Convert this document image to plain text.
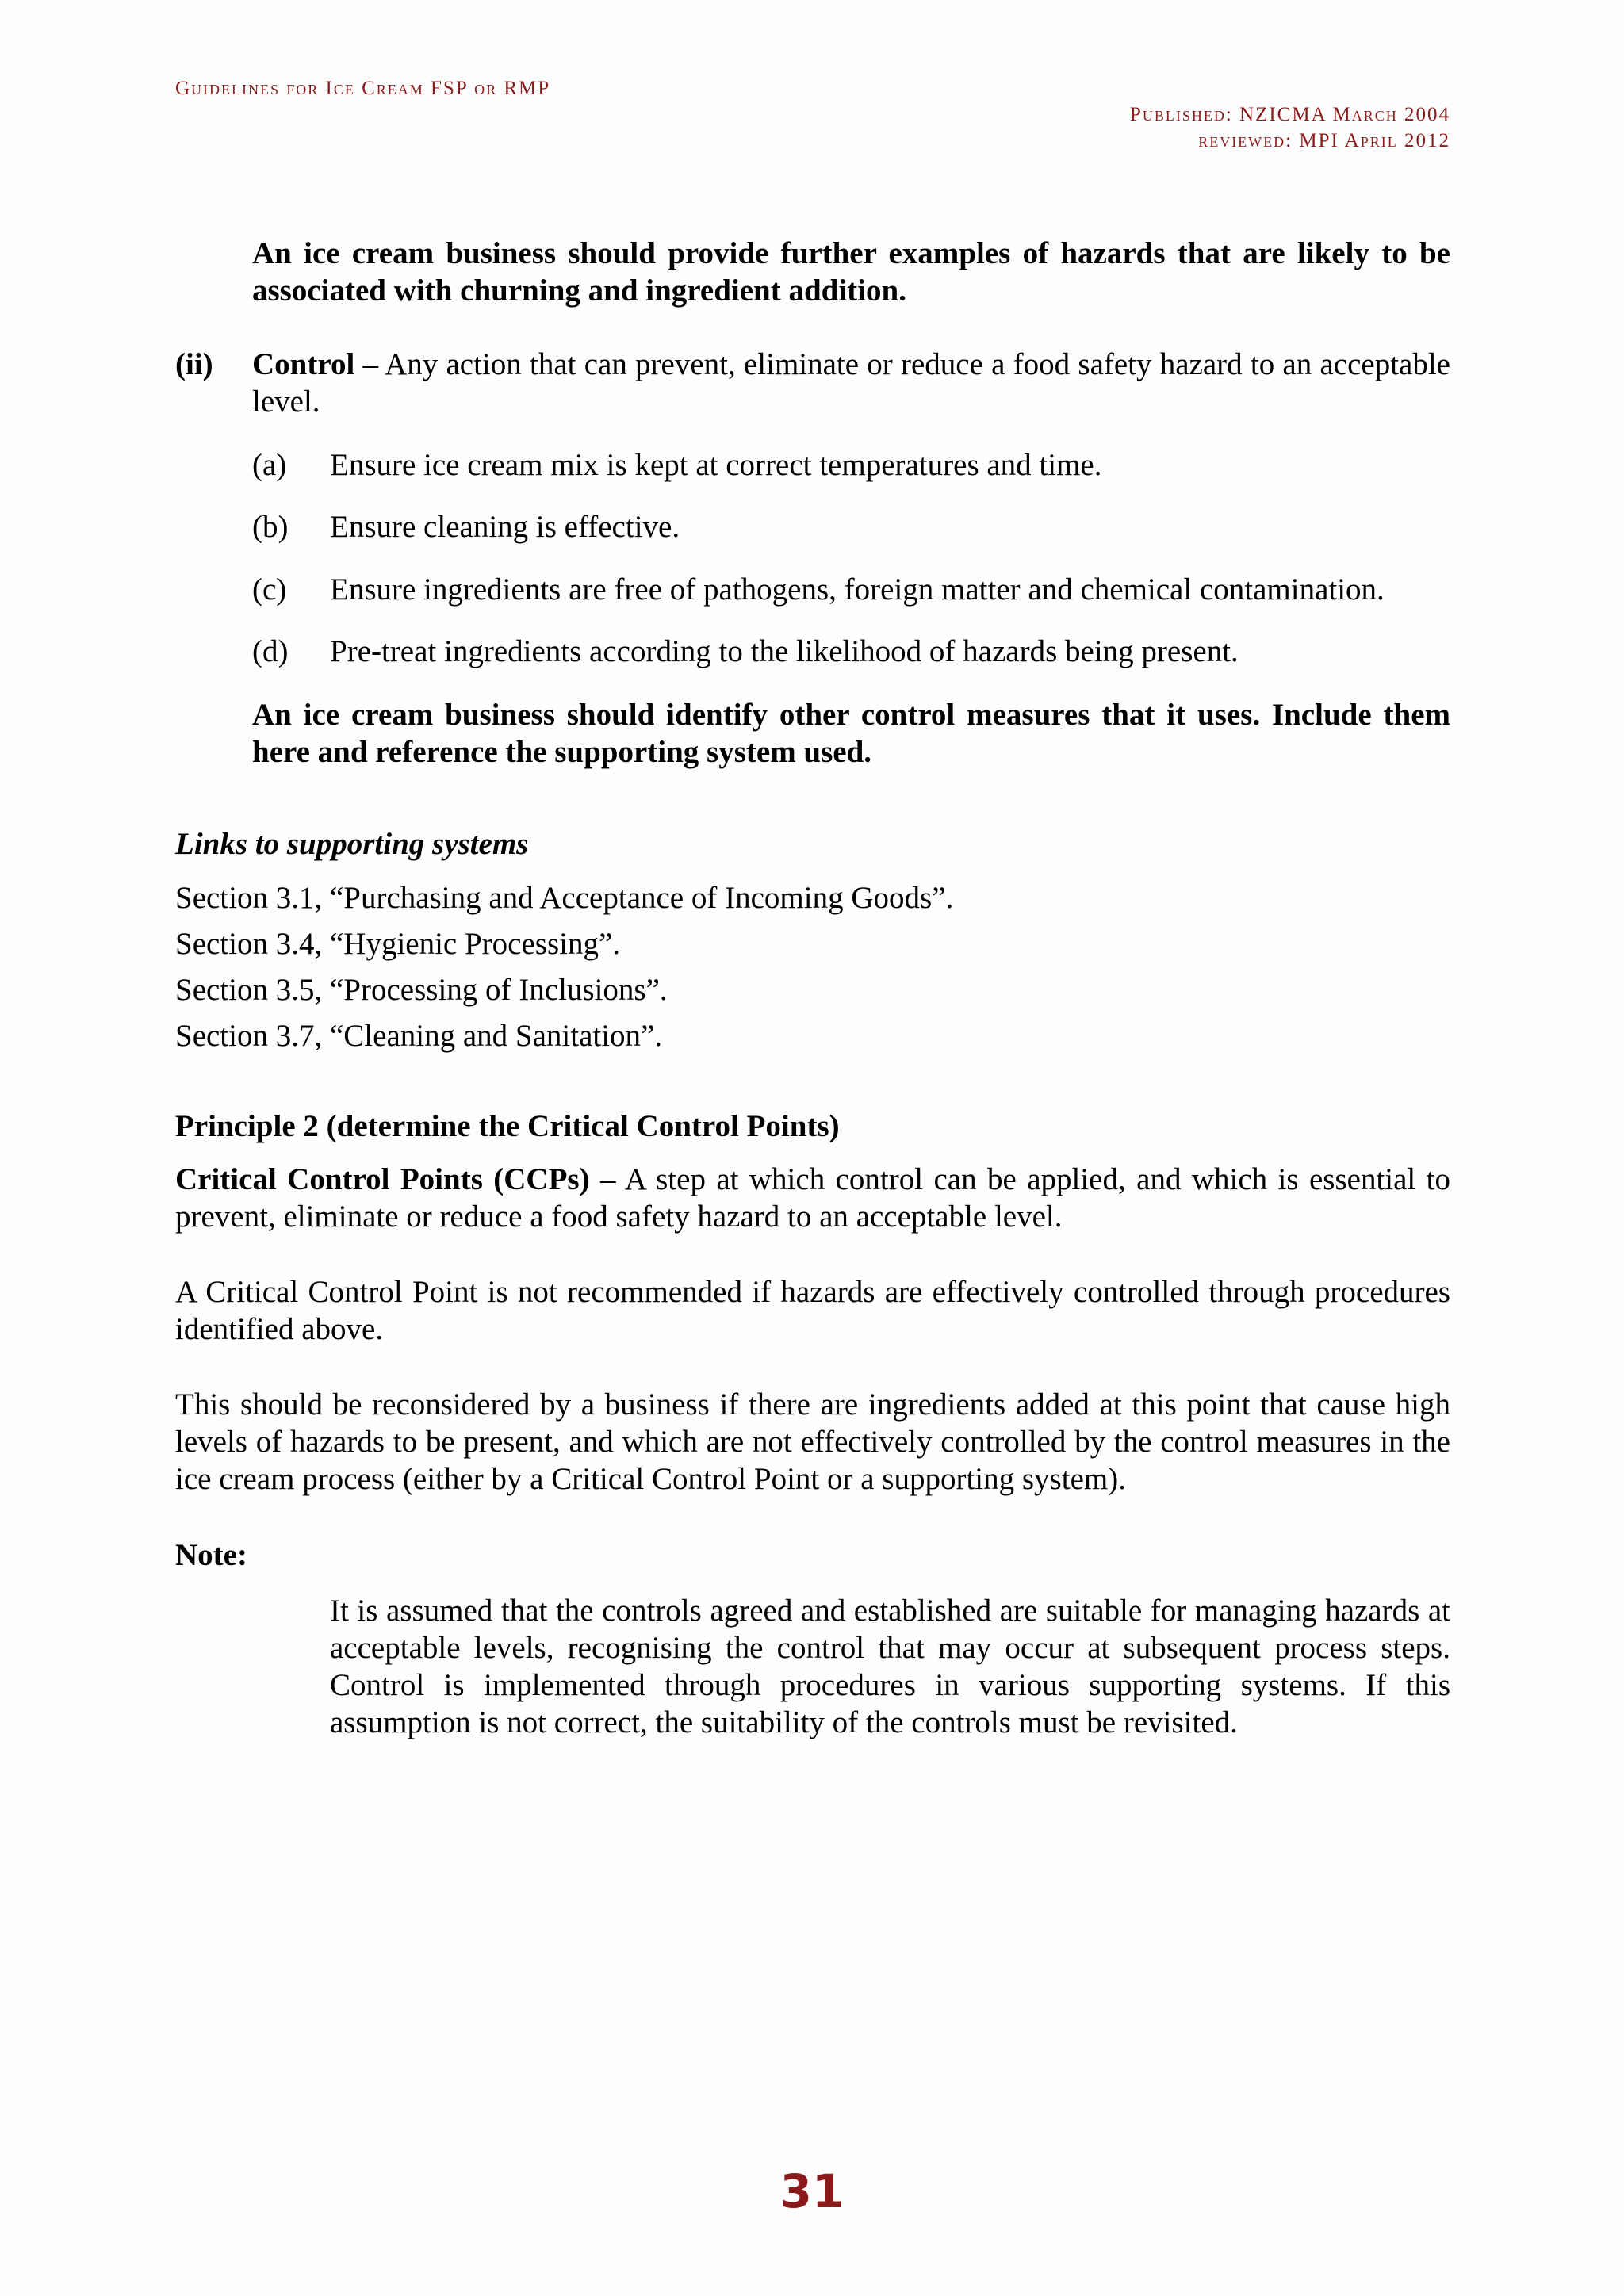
Guidelines for Ice Cream FSP or RMP
Published: NZICMA March 2004
reviewed: MPI April 2012

An ice cream business should provide further examples of hazards that are likely to be associated with churning and ingredient addition.

(ii) Control – Any action that can prevent, eliminate or reduce a food safety hazard to an acceptable level.

(a) Ensure ice cream mix is kept at correct temperatures and time.
(b) Ensure cleaning is effective.
(c) Ensure ingredients are free of pathogens, foreign matter and chemical contamination.
(d) Pre-treat ingredients according to the likelihood of hazards being present.

An ice cream business should identify other control measures that it uses. Include them here and reference the supporting system used.

Links to supporting systems

Section 3.1, “Purchasing and Acceptance of Incoming Goods”.
Section 3.4, “Hygienic Processing”.
Section 3.5, “Processing of Inclusions”.
Section 3.7, “Cleaning and Sanitation”.

Principle 2 (determine the Critical Control Points)

Critical Control Points (CCPs) – A step at which control can be applied, and which is essential to prevent, eliminate or reduce a food safety hazard to an acceptable level.

A Critical Control Point is not recommended if hazards are effectively controlled through procedures identified above.

This should be reconsidered by a business if there are ingredients added at this point that cause high levels of hazards to be present, and which are not effectively controlled by the control measures in the ice cream process (either by a Critical Control Point or a supporting system).

Note:

It is assumed that the controls agreed and established are suitable for managing hazards at acceptable levels, recognising the control that may occur at subsequent process steps. Control is implemented through procedures in various supporting systems. If this assumption is not correct, the suitability of the controls must be revisited.

31
